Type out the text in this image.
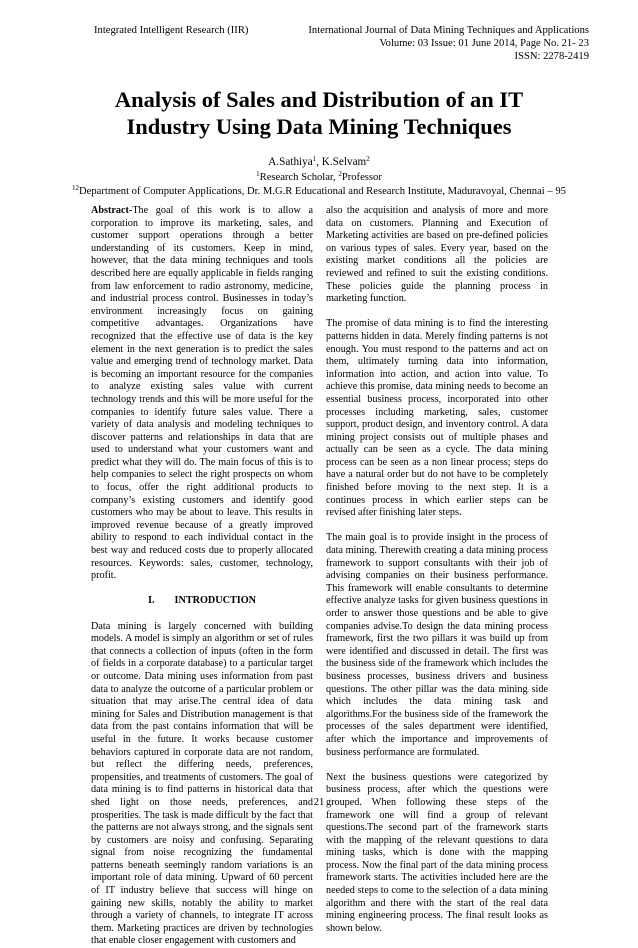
Integrated Intelligent Research (IIR)	International Journal of Data Mining Techniques and Applications
Volume: 03 Issue: 01 June 2014, Page No. 21- 23
ISSN: 2278-2419
Analysis of Sales and Distribution of an IT
Industry Using Data Mining Techniques
A.Sathiya$^1$, K.Selvam$^2$
$^1$Research Scholar, $^2$Professor
$^{12}$Department of Computer Applications, Dr. M.G.R Educational and Research Institute, Maduravoyal, Chennai – 95

Abstract-The goal of this work is to allow a corporation to improve its marketing, sales, and customer support operations through a better understanding of its customers. Keep in mind, however, that the data mining techniques and tools described here are equally applicable in fields ranging from law enforcement to radio astronomy, medicine, and industrial process control. Businesses in today’s environment increasingly focus on gaining competitive advantages. Organizations have recognized that the effective use of data is the key element in the next generation is to predict the sales value and emerging trend of technology market. Data is becoming an important resource for the companies to analyze existing sales value with current technology trends and this will be more useful for the companies to identify future sales value. There a variety of data analysis and modeling techniques to discover patterns and relationships in data that are used to understand what your customers want and predict what they will do. The main focus of this is to help companies to select the right prospects on whom to focus, offer the right additional products to company’s existing customers and identify good customers who may be about to leave. This results in improved revenue because of a greatly improved ability to respond to each individual contact in the best way and reduced costs due to properly allocated resources. Keywords: sales, customer, technology, profit.

I. INTRODUCTION

Data mining is largely concerned with building models. A model is simply an algorithm or set of rules that connects a collection of inputs (often in the form of fields in a corporate database) to a particular target or outcome. Data mining uses information from past data to analyze the outcome of a particular problem or situation that may arise.The central idea of data mining for Sales and Distribution management is that data from the past contains information that will be useful in the future. It works because customer behaviors captured in corporate data are not random, but reflect the differing needs, preferences, propensities, and treatments of customers. The goal of data mining is to find patterns in historical data that shed light on those needs, preferences, and prosperities. The task is made difficult by the fact that the patterns are not always strong, and the signals sent by customers are noisy and confusing. Separating signal from noise recognizing the fundamental patterns beneath seemingly random variations is an important role of data mining. Upward of 60 percent of IT industry believe that success will hinge on gaining new skills, notably the ability to market through a variety of channels, to integrate IT across them. Marketing practices are driven by technologies that enable closer engagement with customers and

also the acquisition and analysis of more and more data on customers. Planning and Execution of Marketing activities are based on pre-defined policies on various types of sales. Every year, based on the existing market conditions all the policies are reviewed and refined to suit the existing conditions. These policies guide the planning process in marketing function.

The promise of data mining is to find the interesting patterns hidden in data. Merely finding patterns is not enough. You must respond to the patterns and act on them, ultimately turning data into information, information into action, and action into value. To achieve this promise, data mining needs to become an essential business process, incorporated into other processes including marketing, sales, customer support, product design, and inventory control. A data mining project consists out of multiple phases and actually can be seen as a cycle. The data mining process can be seen as a non linear process; steps do have a natural order but do not have to be completely finished before moving to the next step. It is a continues process in which earlier steps can be revised after finishing later steps.

The main goal is to provide insight in the process of data mining. Therewith creating a data mining process framework to support consultants with their job of advising companies on their business performance. This framework will enable consultants to determine effective analyze tasks for given business questions in order to answer those questions and be able to give companies advise.To design the data mining process framework, first the two pillars it was build up from were identified and discussed in detail. The first was the business side of the framework which includes the business processes, business drivers and business questions. The other pillar was the data mining side which includes the data mining task and algorithms.For the business side of the framework the processes of the sales department were identified, after which the importance and improvements of business performance are formulated.

Next the business questions were categorized by business process, after which the questions were grouped. When following these steps of the framework one will find a group of relevant questions.The second part of the framework starts with the mapping of the relevant questions to data mining tasks, which is done with the mapping process. Now the final part of the data mining process framework starts. The activities included here are the needed steps to come to the selection of a data mining algorithm and there with the start of the real data mining engineering process. The final result looks as shown below.

21
